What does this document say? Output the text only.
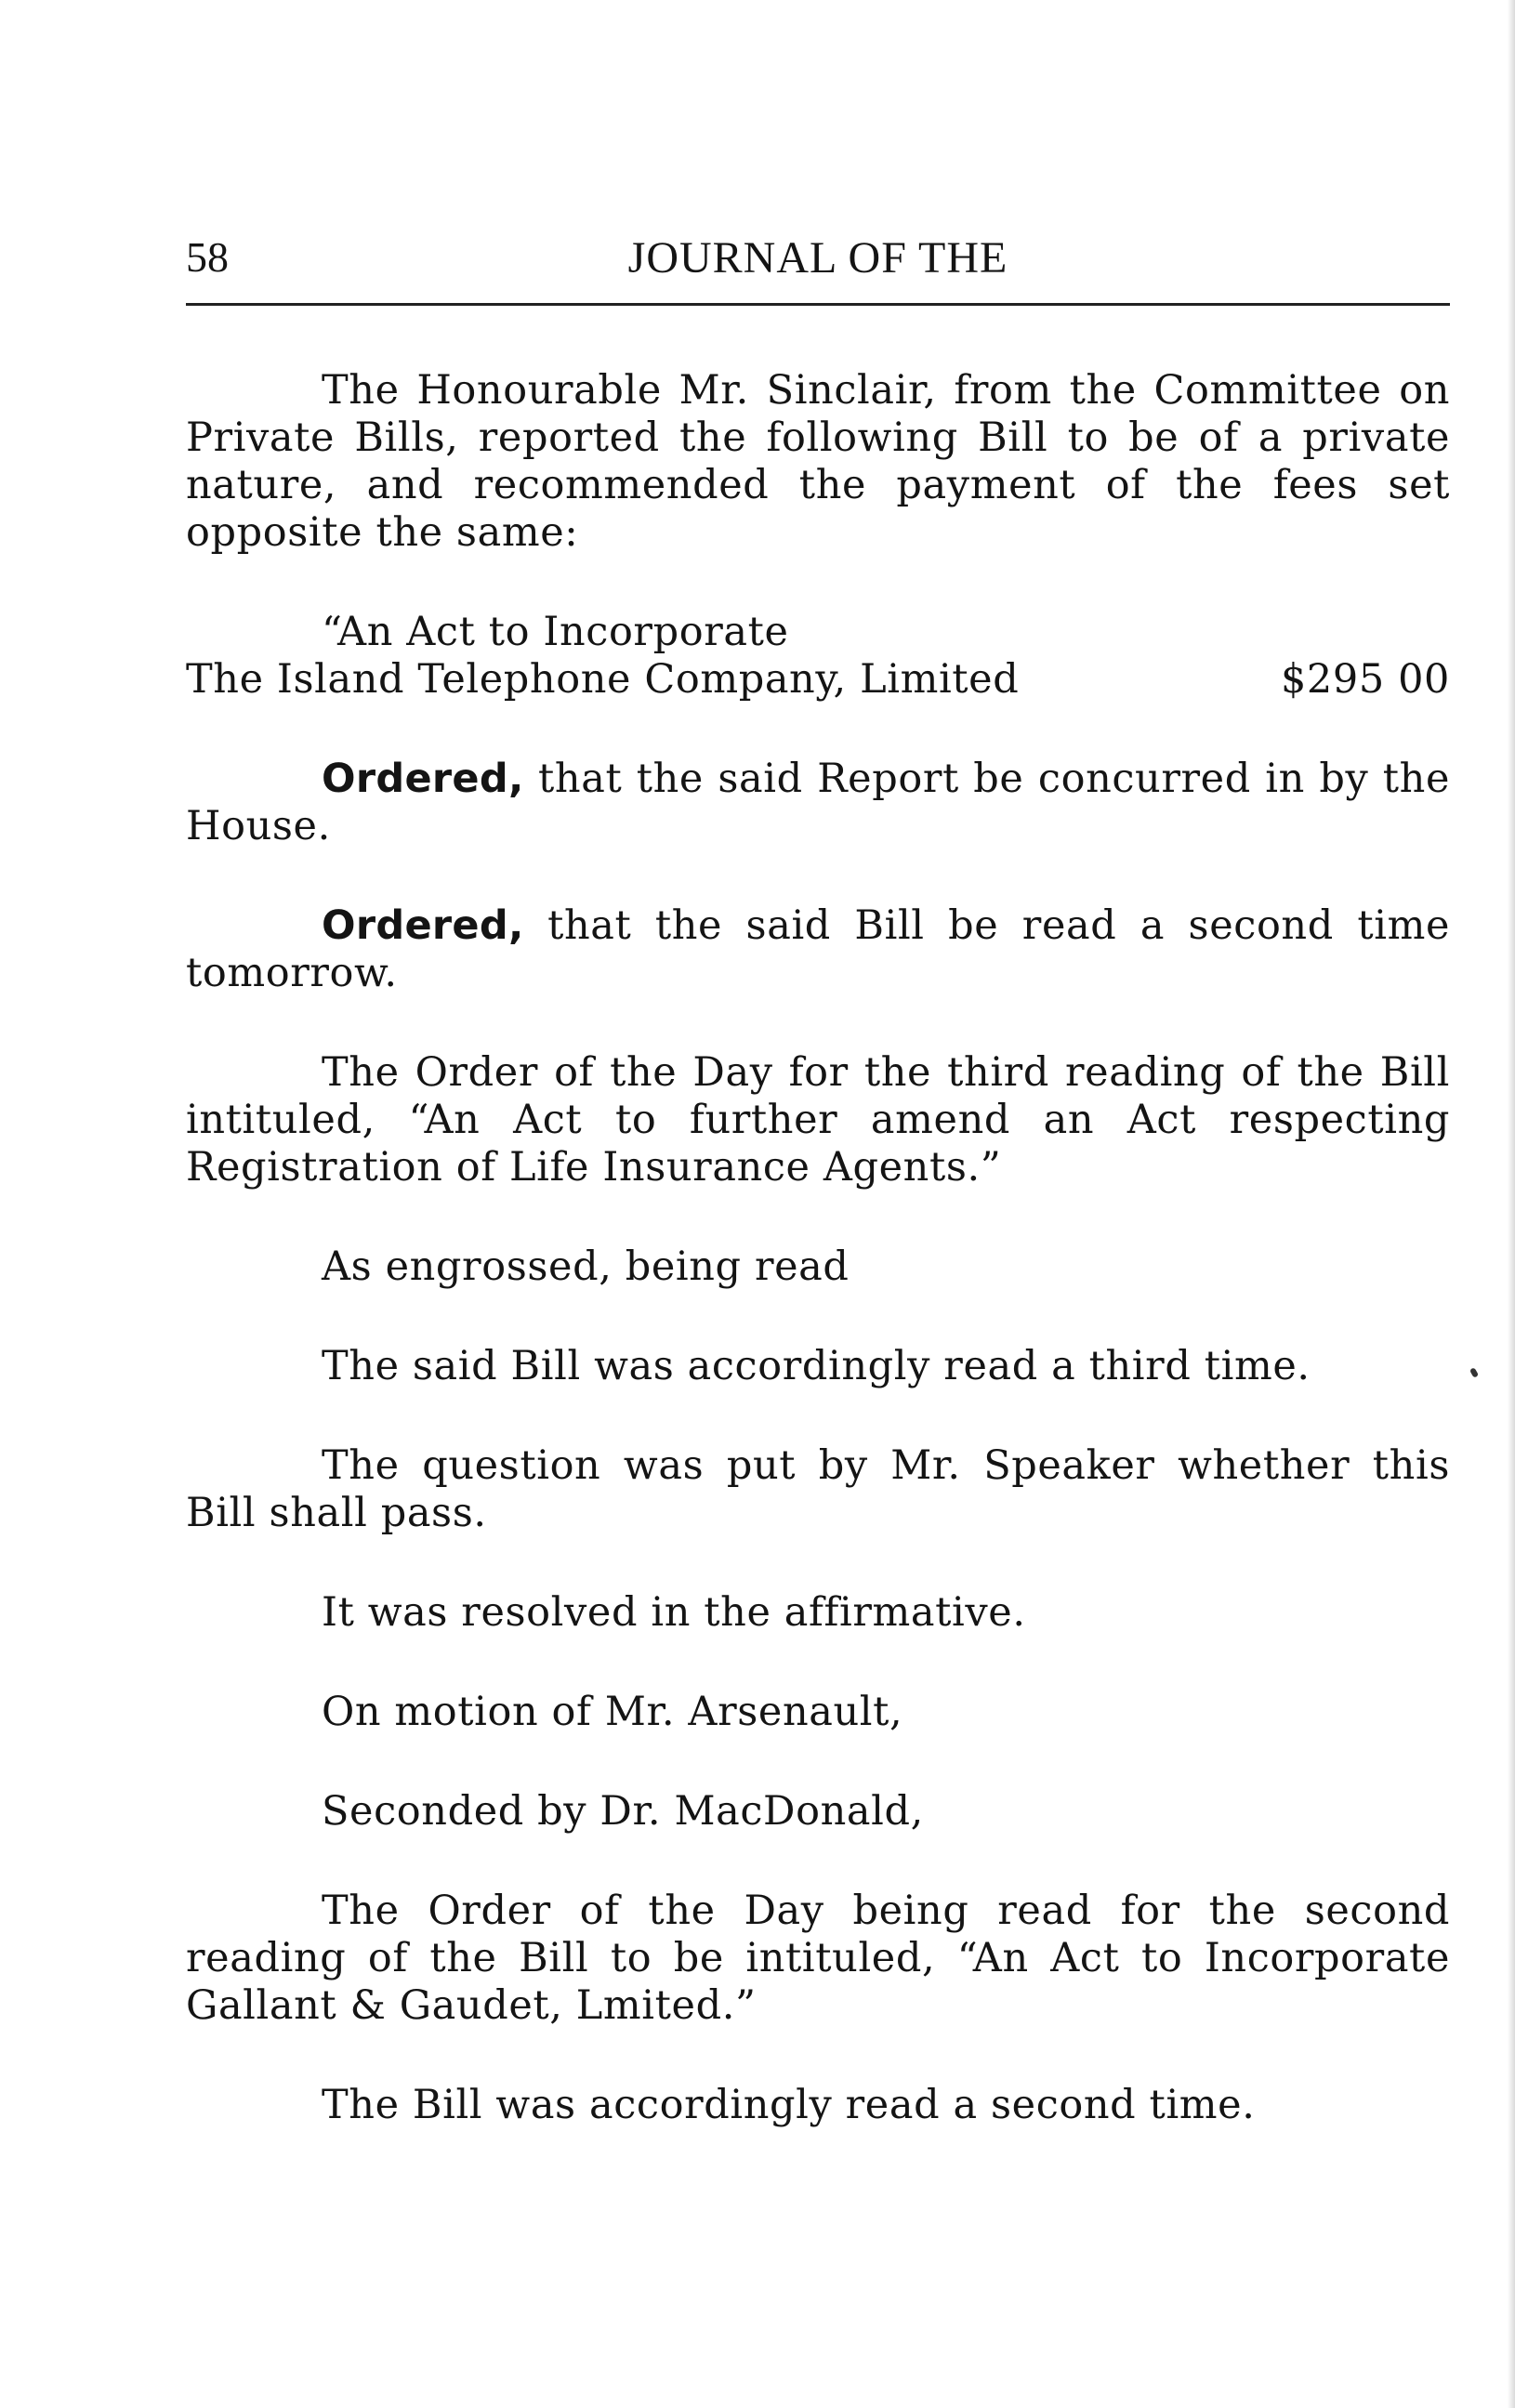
58	JOURNAL OF THE

The Honourable Mr. Sinclair, from the Committee on Private Bills, reported the following Bill to be of a private nature, and recommended the payment of the fees set opposite the same:

“An Act to Incorporate

The Island Telephone Company, Limited	$295 00

Ordered, that the said Report be concurred in by the House.

Ordered, that the said Bill be read a second time tomorrow.

The Order of the Day for the third reading of the Bill intituled, “An Act to further amend an Act respecting Registration of Life Insurance Agents.”

As engrossed, being read

The said Bill was accordingly read a third time.

The question was put by Mr. Speaker whether this Bill shall pass.

It was resolved in the affirmative.

On motion of Mr. Arsenault,

Seconded by Dr. MacDonald,

The Order of the Day being read for the second reading of the Bill to be intituled, “An Act to Incorporate Gallant & Gaudet, Lmited.”

The Bill was accordingly read a second time.
